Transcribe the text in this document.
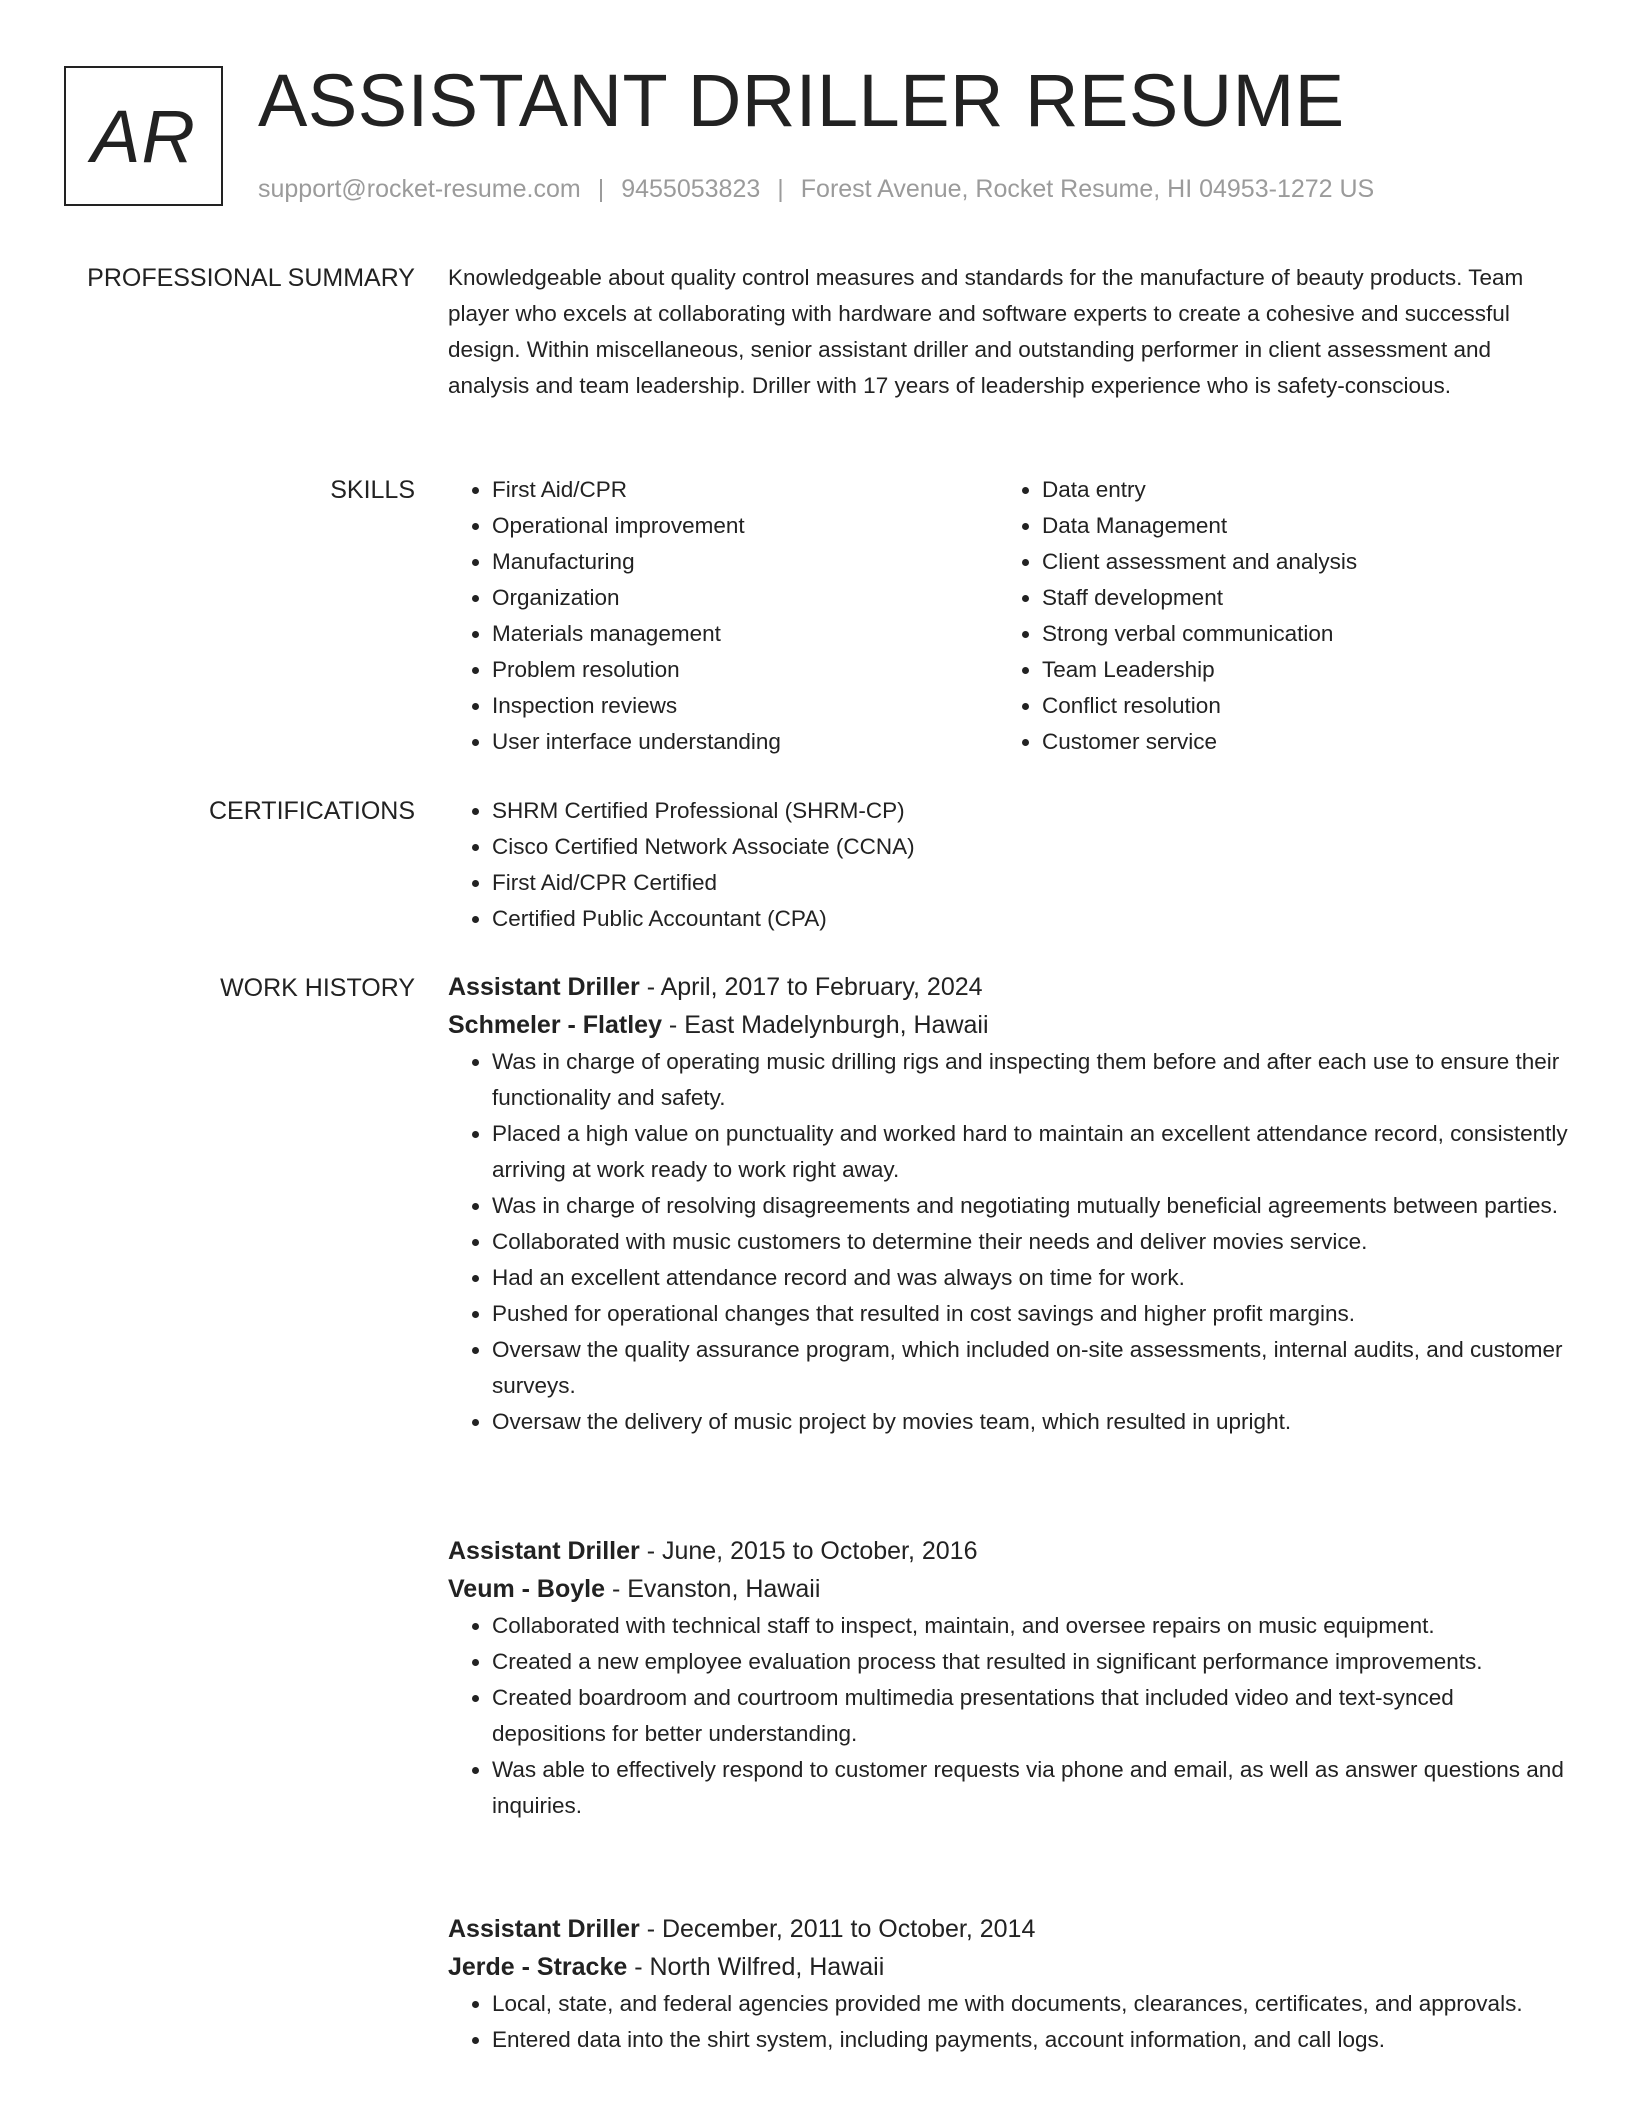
AR ASSISTANT DRILLER RESUME
support@rocket-resume.com | 9455053823 | Forest Avenue, Rocket Resume, HI 04953-1272 US
PROFESSIONAL SUMMARY Knowledgeable about quality control measures and standards for the manufacture of beauty products. Team player who excels at collaborating with hardware and software experts to create a cohesive and successful design. Within miscellaneous, senior assistant driller and outstanding performer in client assessment and analysis and team leadership. Driller with 17 years of leadership experience who is safety-conscious.

SKILLS	• First Aid/CPR
• Operational improvement
• Manufacturing
• Organization
• Materials management
• Problem resolution
• Inspection reviews
• User interface understanding
• Data entry
• Data Management
• Client assessment and analysis
• Staff development
• Strong verbal communication
• Team Leadership
• Conflict resolution
• Customer service
CERTIFICATIONS	• SHRM Certified Professional (SHRM-CP)
• Cisco Certified Network Associate (CCNA)
• First Aid/CPR Certified
• Certified Public Accountant (CPA)
WORK HISTORY Assistant Driller - April, 2017 to February, 2024
Schmeler - Flatley - East Madelynburgh, Hawaii
• Was in charge of operating music drilling rigs and inspecting them before and after each use to ensure their functionality and safety.
• Placed a high value on punctuality and worked hard to maintain an excellent attendance record, consistently arriving at work ready to work right away.
• Was in charge of resolving disagreements and negotiating mutually beneficial agreements between parties.
• Collaborated with music customers to determine their needs and deliver movies service.
• Had an excellent attendance record and was always on time for work.
• Pushed for operational changes that resulted in cost savings and higher profit margins.
• Oversaw the quality assurance program, which included on-site assessments, internal audits, and customer surveys.
• Oversaw the delivery of music project by movies team, which resulted in upright.
Assistant Driller - June, 2015 to October, 2016
Veum - Boyle - Evanston, Hawaii
• Collaborated with technical staff to inspect, maintain, and oversee repairs on music equipment.
• Created a new employee evaluation process that resulted in significant performance improvements.
• Created boardroom and courtroom multimedia presentations that included video and text-synced depositions for better understanding.
• Was able to effectively respond to customer requests via phone and email, as well as answer questions and inquiries.
Assistant Driller - December, 2011 to October, 2014
Jerde - Stracke - North Wilfred, Hawaii
• Local, state, and federal agencies provided me with documents, clearances, certificates, and approvals.
• Entered data into the shirt system, including payments, account information, and call logs.
